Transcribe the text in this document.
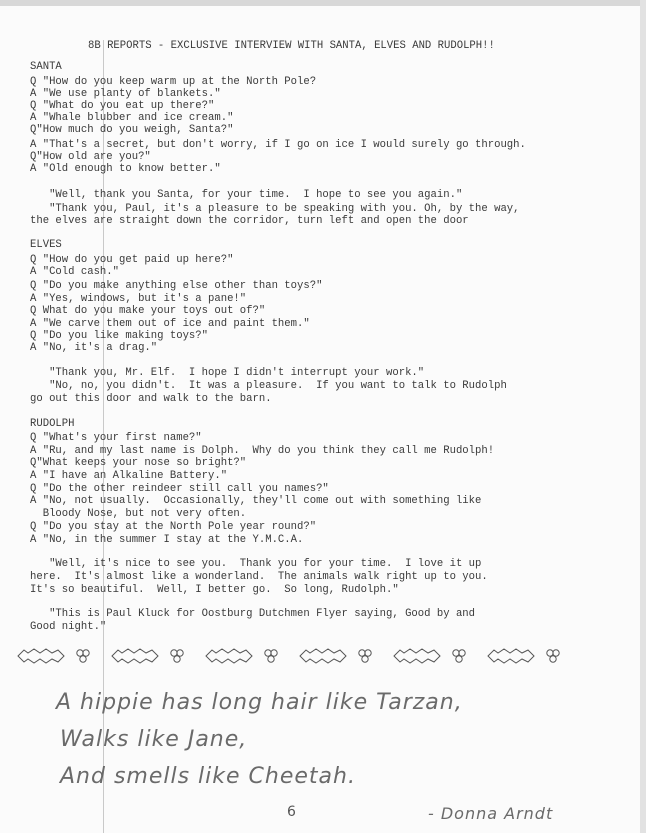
8B REPORTS - EXCLUSIVE INTERVIEW WITH SANTA, ELVES AND RUDOLPH!!
SANTA
Q "How do you keep warm up at the North Pole?
A "We use planty of blankets."
Q "What do you eat up there?"
A "Whale blubber and ice cream."
Q"How much do you weigh, Santa?"
A "That's a secret, but don't worry, if I go on ice I would surely go through.
Q"How old are you?"
A "Old enough to know better."
"Well, thank you Santa, for your time.  I hope to see you again."
"Thank you, Paul, it's a pleasure to be speaking with you. Oh, by the way,
the elves are straight down the corridor, turn left and open the door
ELVES
Q "How do you get paid up here?"
A "Cold cash."
Q "Do you make anything else other than toys?"
A "Yes, windows, but it's a pane!"
Q What do you make your toys out of?"
A "We carve them out of ice and paint them."
Q "Do you like making toys?"
A "No, it's a drag."
"Thank you, Mr. Elf.  I hope I didn't interrupt your work."
"No, no, you didn't.  It was a pleasure.  If you want to talk to Rudolph
go out this door and walk to the barn.
RUDOLPH
Q "What's your first name?"
A "Ru, and my last name is Dolph.  Why do you think they call me Rudolph!
Q"What keeps your nose so bright?"
A "I have an Alkaline Battery."
Q "Do the other reindeer still call you names?"
A "No, not usually.  Occasionally, they'll come out with something like
Bloody Nose, but not very often.
Q "Do you stay at the North Pole year round?"
A "No, in the summer I stay at the Y.M.C.A.
"Well, it's nice to see you.  Thank you for your time.  I love it up
here.  It's almost like a wonderland.  The animals walk right up to you.
It's so beautiful.  Well, I better go.  So long, Rudolph."
"This is Paul Kluck for Oostburg Dutchmen Flyer saying, Good by and
Good night."
A hippie has long hair like Tarzan,
Walks like Jane,
And smells like Cheetah.
- Donna Arndt
6
